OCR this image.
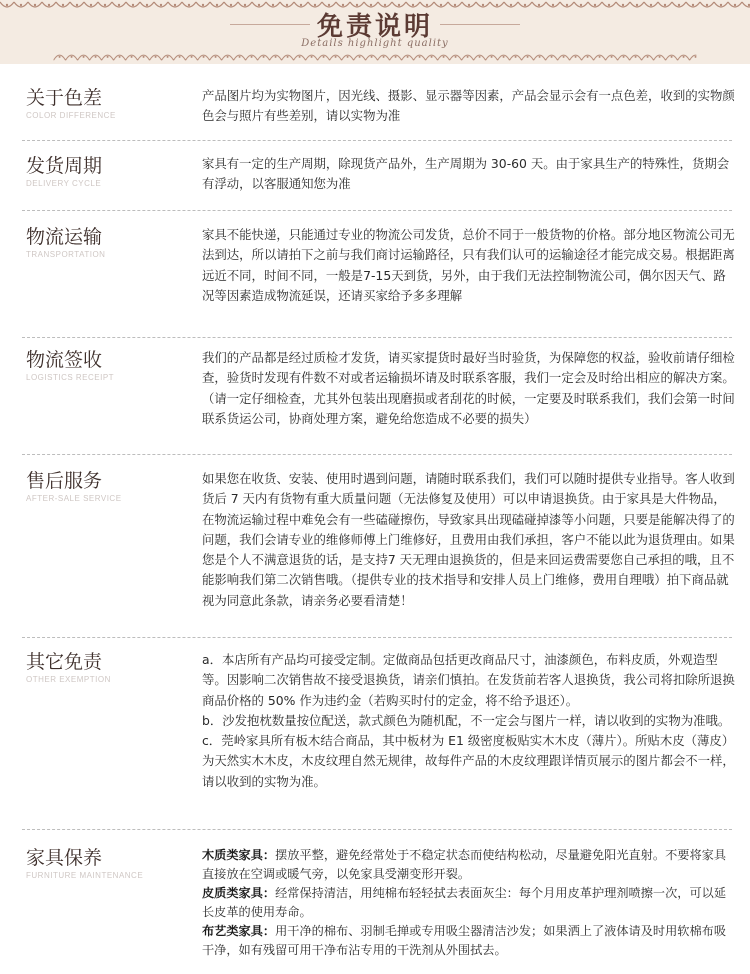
免责说明
Details highlight quality
关于色差
COLOR DIFFERENCE

产品图片均为实物图片，因光线、摄影、显示器等因素，产品会显示会有一点色差，收到的实物颜色会与照片有些差别，请以实物为准

发货周期
DELIVERY CYCLE

家具有一定的生产周期，除现货产品外，生产周期为 30-60 天。由于家具生产的特殊性，货期会有浮动，以客服通知您为准

物流运输
TRANSPORTATION

家具不能快递，只能通过专业的物流公司发货，总价不同于一般货物的价格。部分地区物流公司无法到达，所以请拍下之前与我们商讨运输路径，只有我们认可的运输途径才能完成交易。根据距离远近不同，时间不同，一般是7-15天到货，另外，由于我们无法控制物流公司，偶尔因天气、路况等因素造成物流延误，还请买家给予多多理解

物流签收
LOGISTICS RECEIPT

我们的产品都是经过质检才发货，请买家提货时最好当时验货，为保障您的权益，验收前请仔细检查，验货时发现有件数不对或者运输损坏请及时联系客服，我们一定会及时给出相应的解决方案。（请一定仔细检查，尤其外包装出现磨损或者刮花的时候，一定要及时联系我们，我们会第一时间联系货运公司，协商处理方案，避免给您造成不必要的损失）

售后服务
AFTER-SALE SERVICE

如果您在收货、安装、使用时遇到问题，请随时联系我们，我们可以随时提供专业指导。客人收到货后 7 天内有货物有重大质量问题（无法修复及使用）可以申请退换货。由于家具是大件物品，在物流运输过程中难免会有一些磕碰擦伤，导致家具出现磕碰掉漆等小问题，只要是能解决得了的问题，我们会请专业的维修师傅上门维修好，且费用由我们承担，客户不能以此为退货理由。如果您是个人不满意退货的话，是支持7 天无理由退换货的，但是来回运费需要您自己承担的哦，且不能影响我们第二次销售哦。（提供专业的技术指导和安排人员上门维修，费用自理哦）拍下商品就视为同意此条款，请亲务必要看清楚！

其它免责
OTHER EXEMPTION

a．本店所有产品均可接受定制。定做商品包括更改商品尺寸，油漆颜色，布料皮质，外观造型等。因影响二次销售故不接受退换货，请亲们慎拍。在发货前若客人退换货，我公司将扣除所退换商品价格的 50% 作为违约金（若购买时付的定金，将不给予退还）。

b．沙发抱枕数量按位配送，款式颜色为随机配，不一定会与图片一样，请以收到的实物为准哦。

c．莞岭家具所有板木结合商品，其中板材为 E1 级密度板贴实木木皮（薄片）。所贴木皮（薄皮）为天然实木木皮，木皮纹理自然无规律，故每件产品的木皮纹理跟详情页展示的图片都会不一样，请以收到的实物为准。

家具保养
FURNITURE MAINTENANCE

木质类家具：摆放平整，避免经常处于不稳定状态而使结构松动，尽量避免阳光直射。不要将家具直接放在空调或暖气旁，以免家具受潮变形开裂。

皮质类家具：经常保持清洁，用纯棉布轻轻拭去表面灰尘：每个月用皮革护理剂喷擦一次，可以延长皮革的使用寿命。

布艺类家具：用干净的棉布、羽制毛掸或专用吸尘器清洁沙发；如果洒上了液体请及时用软棉布吸干净，如有残留可用干净布沾专用的干洗剂从外围拭去。
